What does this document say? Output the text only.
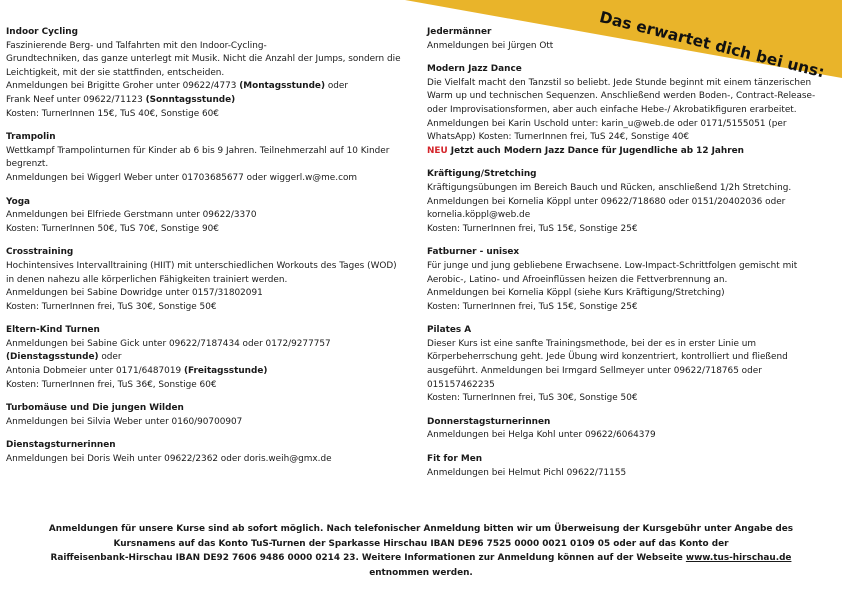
Das erwartet dich bei uns:
Indoor Cycling
Faszinierende Berg- und Talfahrten mit den Indoor-Cycling-
Grundtechniken, das ganze unterlegt mit Musik. Nicht die Anzahl der Jumps, sondern die
Leichtigkeit, mit der sie stattfinden, entscheiden.
Anmeldungen bei Brigitte Groher unter 09622/4773 (Montagsstunde) oder
Frank Neef unter 09622/71123 (Sonntagsstunde)
Kosten: TurnerInnen 15€, TuS 40€, Sonstige 60€
Trampolin
Wettkampf Trampolinturnen für Kinder ab 6 bis 9 Jahren. Teilnehmerzahl auf 10 Kinder
begrenzt.
Anmeldungen bei Wiggerl Weber unter 01703685677 oder wiggerl.w@me.com
Yoga
Anmeldungen bei Elfriede Gerstmann unter 09622/3370
Kosten: TurnerInnen 50€, TuS 70€, Sonstige 90€
Crosstraining
Hochintensives Intervalltraining (HIIT) mit unterschiedlichen Workouts des Tages (WOD)
in denen nahezu alle körperlichen Fähigkeiten trainiert werden.
Anmeldungen bei Sabine Dowridge unter 0157/31802091
Kosten: TurnerInnen frei, TuS 30€, Sonstige 50€
Eltern-Kind Turnen
Anmeldungen bei Sabine Gick unter 09622/7187434 oder 0172/9277757
(Dienstagsstunde) oder
Antonia Dobmeier unter 0171/6487019 (Freitagsstunde)
Kosten: TurnerInnen frei, TuS 36€, Sonstige 60€
Turbomäuse und Die jungen Wilden
Anmeldungen bei Silvia Weber unter 0160/90700907
Dienstagsturnerinnen
Anmeldungen bei Doris Weih unter 09622/2362 oder doris.weih@gmx.de
Jedermänner
Anmeldungen bei Jürgen Ott
Modern Jazz Dance
Die Vielfalt macht den Tanzstil so beliebt. Jede Stunde beginnt mit einem tänzerischen
Warm up und technischen Sequenzen. Anschließend werden Boden-, Contract-Release-
oder Improvisationsformen, aber auch einfache Hebe-/ Akrobatikfiguren erarbeitet.
Anmeldungen bei Karin Uschold unter: karin_u@web.de oder 0171/5155051 (per
WhatsApp) Kosten: TurnerInnen frei, TuS 24€, Sonstige 40€
NEU Jetzt auch Modern Jazz Dance für Jugendliche ab 12 Jahren
Kräftigung/Stretching
Kräftigungsübungen im Bereich Bauch und Rücken, anschließend 1/2h Stretching.
Anmeldungen bei Kornelia Köppl unter 09622/718680 oder 0151/20402036 oder
kornelia.köppl@web.de
Kosten: TurnerInnen frei, TuS 15€, Sonstige 25€
Fatburner - unisex
Für junge und jung gebliebene Erwachsene. Low-Impact-Schrittfolgen gemischt mit
Aerobic-, Latino- und Afroeinflüssen heizen die Fettverbrennung an.
Anmeldungen bei Kornelia Köppl (siehe Kurs Kräftigung/Stretching)
Kosten: TurnerInnen frei, TuS 15€, Sonstige 25€
Pilates A
Dieser Kurs ist eine sanfte Trainingsmethode, bei der es in erster Linie um
Körperbeherrschung geht. Jede Übung wird konzentriert, kontrolliert und fließend
ausgeführt. Anmeldungen bei Irmgard Sellmeyer unter 09622/718765 oder
015157462235
Kosten: TurnerInnen frei, TuS 30€, Sonstige 50€
Donnerstagsturnerinnen
Anmeldungen bei Helga Kohl unter 09622/6064379
Fit for Men
Anmeldungen bei Helmut Pichl 09622/71155
Anmeldungen für unsere Kurse sind ab sofort möglich. Nach telefonischer Anmeldung bitten wir um Überweisung der Kursgebühr unter Angabe des
Kursnamens auf das Konto TuS-Turnen der Sparkasse Hirschau IBAN DE96 7525 0000 0021 0109 05 oder auf das Konto der
Raiffeisenbank-Hirschau IBAN DE92 7606 9486 0000 0214 23. Weitere Informationen zur Anmeldung können auf der Webseite www.tus-hirschau.de
entnommen werden.
